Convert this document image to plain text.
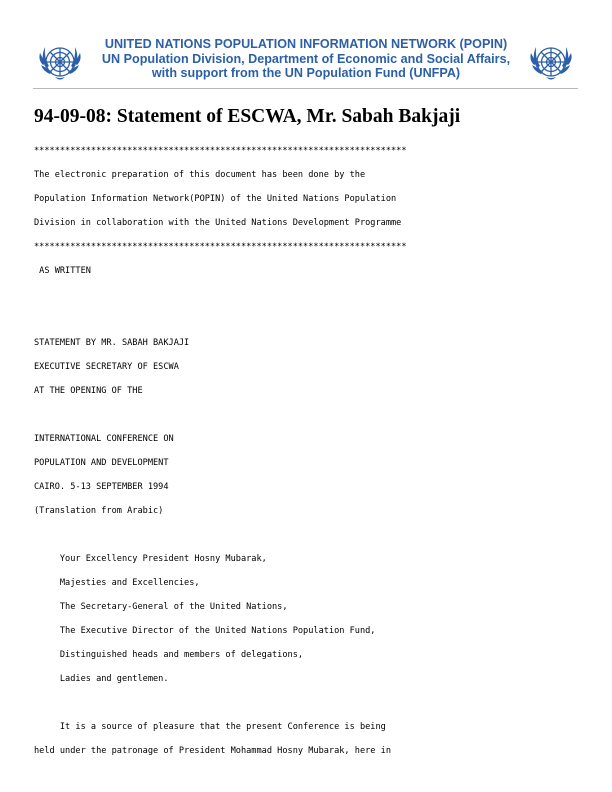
UNITED NATIONS POPULATION INFORMATION NETWORK (POPIN)
UN Population Division, Department of Economic and Social Affairs,
with support from the UN Population Fund (UNFPA)
94-09-08: Statement of ESCWA, Mr. Sabah Bakjaji
************************************************************************
The electronic preparation of this document has been done by the
Population Information Network(POPIN) of the United Nations Population
Division in collaboration with the United Nations Development Programme
************************************************************************
AS WRITTEN
STATEMENT BY MR. SABAH BAKJAJI
EXECUTIVE SECRETARY OF ESCWA
AT THE OPENING OF THE
INTERNATIONAL CONFERENCE ON
POPULATION AND DEVELOPMENT
CAIRO. 5-13 SEPTEMBER 1994
(Translation from Arabic)
Your Excellency President Hosny Mubarak,
Majesties and Excellencies,
The Secretary-General of the United Nations,
The Executive Director of the United Nations Population Fund,
Distinguished heads and members of delegations,
Ladies and gentlemen.
It is a source of pleasure that the present Conference is being
held under the patronage of President Mohammad Hosny Mubarak, here in
